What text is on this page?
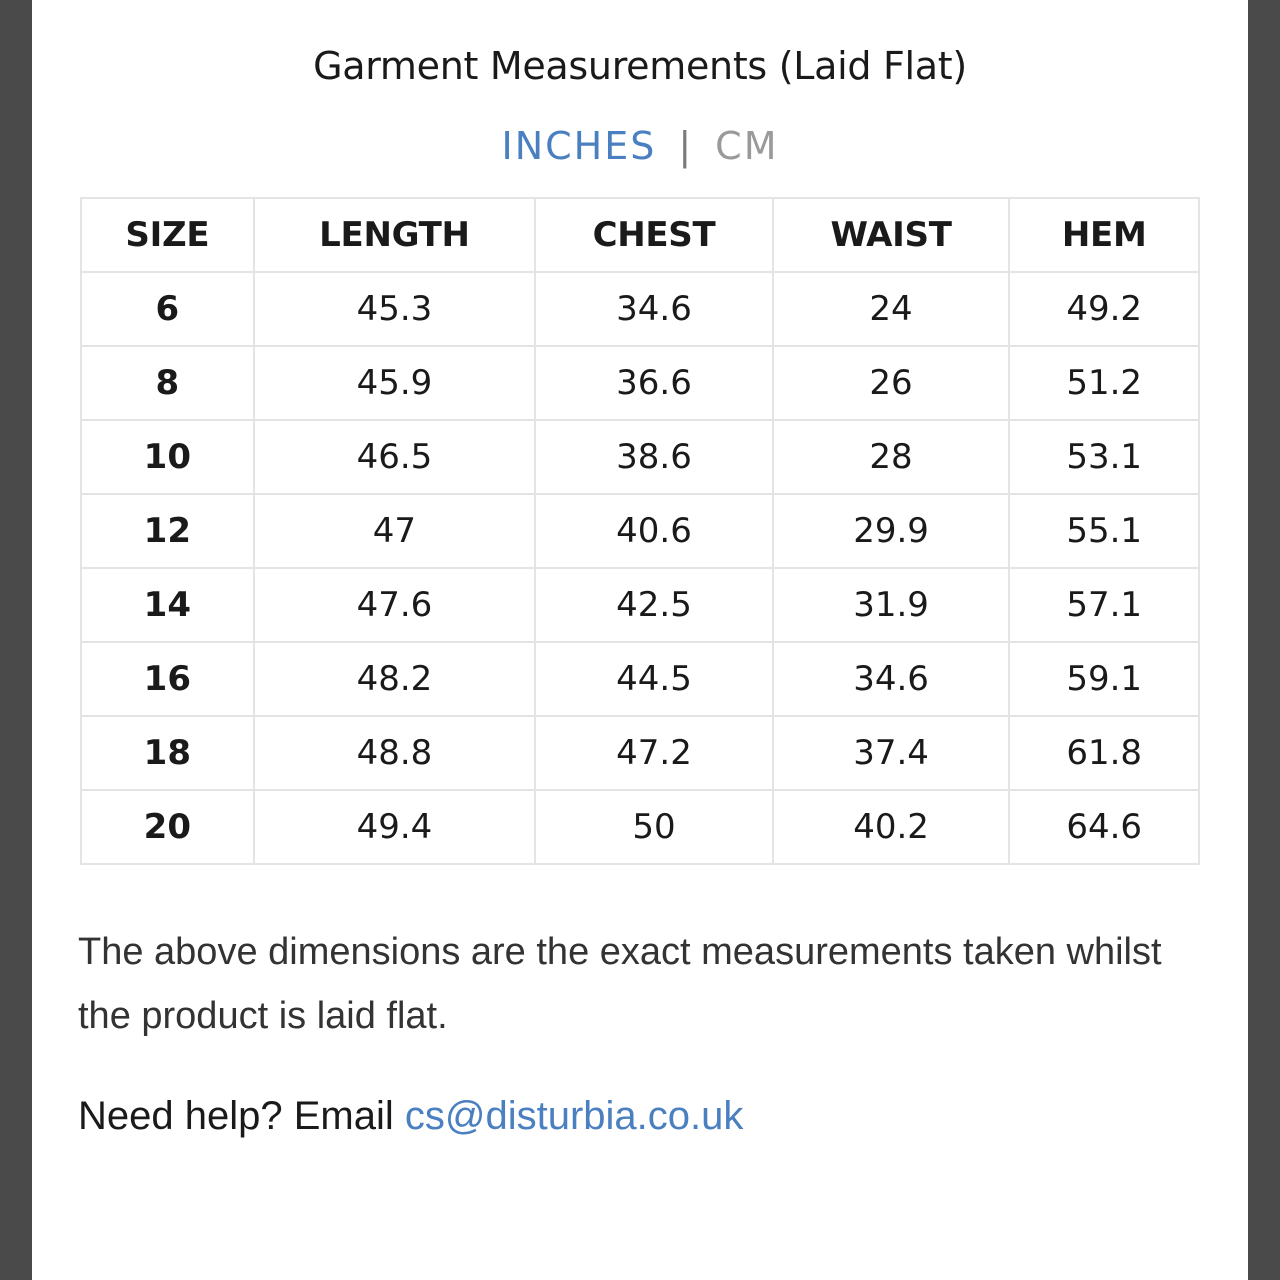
Garment Measurements (Laid Flat)
INCHES | CM
SIZE	LENGTH	CHEST	WAIST	HEM
6	45.3	34.6	24	49.2
8	45.9	36.6	26	51.2
10	46.5	38.6	28	53.1
12	47	40.6	29.9	55.1
14	47.6	42.5	31.9	57.1
16	48.2	44.5	34.6	59.1
18	48.8	47.2	37.4	61.8
20	49.4	50	40.2	64.6

The above dimensions are the exact measurements taken whilst the product is laid flat.

Need help? Email cs@disturbia.co.uk
